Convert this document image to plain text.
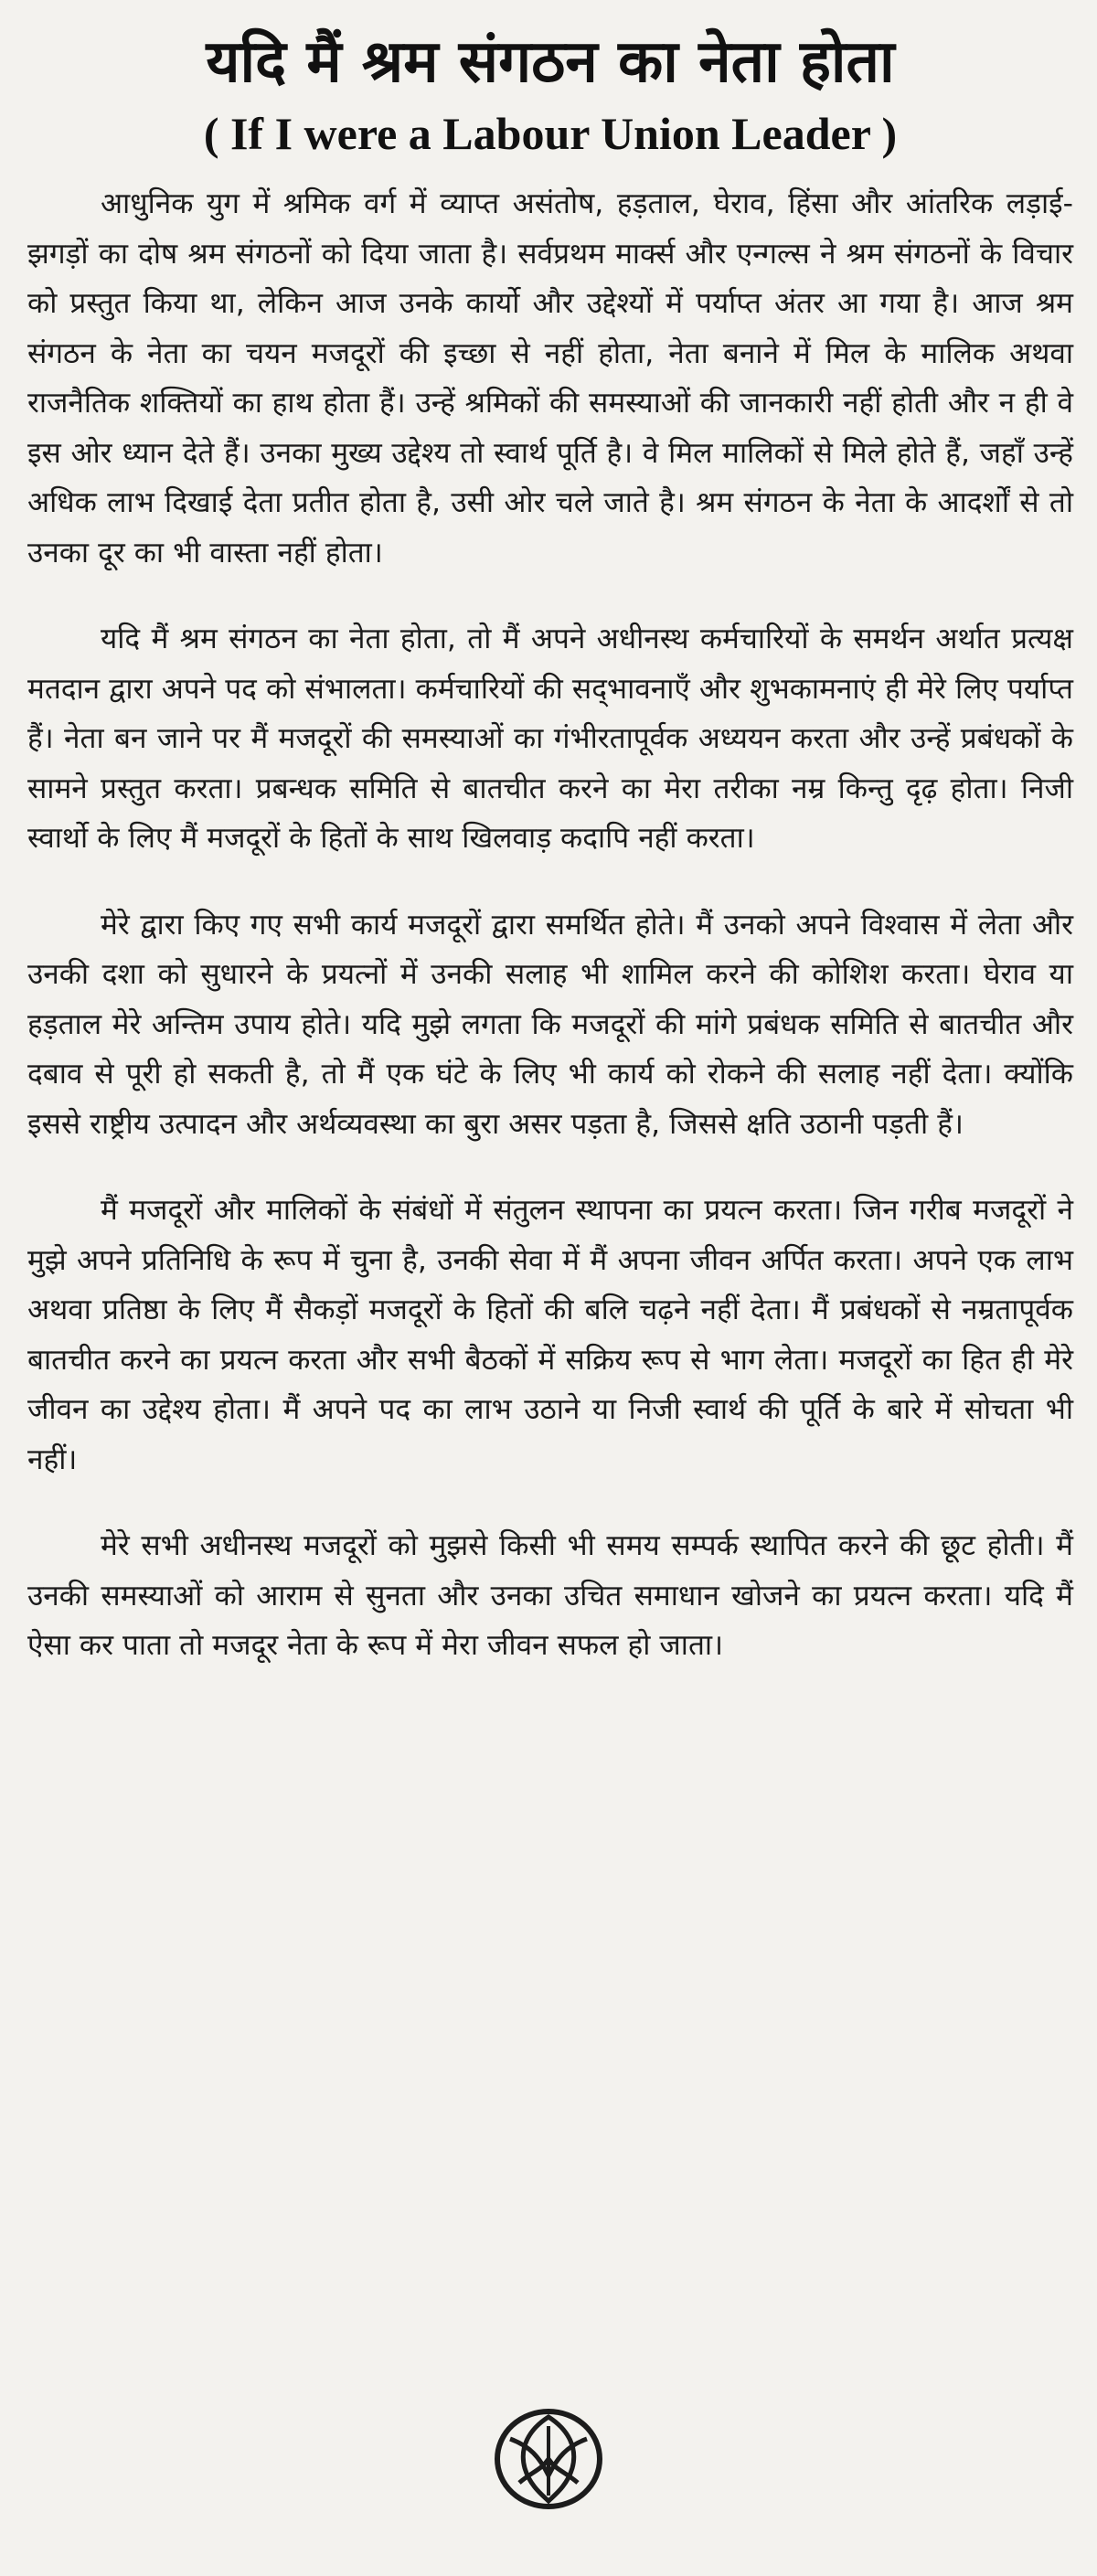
यदि मैं श्रम संगठन का नेता होता
( If I were a Labour Union Leader )

आधुनिक युग में श्रमिक वर्ग में व्याप्त असंतोष, हड़ताल, घेराव, हिंसा और आंतरिक लड़ाई-झगड़ों का दोष श्रम संगठनों को दिया जाता है। सर्वप्रथम मार्क्स और एन्गल्स ने श्रम संगठनों के विचार को प्रस्तुत किया था, लेकिन आज उनके कार्यो और उद्देश्यों में पर्याप्त अंतर आ गया है। आज श्रम संगठन के नेता का चयन मजदूरों की इच्छा से नहीं होता, नेता बनाने में मिल के मालिक अथवा राजनैतिक शक्तियों का हाथ होता हैं। उन्हें श्रमिकों की समस्याओं की जानकारी नहीं होती और न ही वे इस ओर ध्यान देते हैं। उनका मुख्य उद्देश्य तो स्वार्थ पूर्ति है। वे मिल मालिकों से मिले होते हैं, जहाँ उन्हें अधिक लाभ दिखाई देता प्रतीत होता है, उसी ओर चले जाते है। श्रम संगठन के नेता के आदर्शों से तो उनका दूर का भी वास्ता नहीं होता।

यदि मैं श्रम संगठन का नेता होता, तो मैं अपने अधीनस्थ कर्मचारियों के समर्थन अर्थात प्रत्यक्ष मतदान द्वारा अपने पद को संभालता। कर्मचारियों की सद्‌भावनाएँ और शुभकामनाएं ही मेरे लिए पर्याप्त हैं। नेता बन जाने पर मैं मजदूरों की समस्याओं का गंभीरतापूर्वक अध्ययन करता और उन्हें प्रबंधकों के सामने प्रस्तुत करता। प्रबन्धक समिति से बातचीत करने का मेरा तरीका नम्र किन्तु दृढ़ होता। निजी स्वार्थो के लिए मैं मजदूरों के हितों के साथ खिलवाड़ कदापि नहीं करता।

मेरे द्वारा किए गए सभी कार्य मजदूरों द्वारा समर्थित होते। मैं उनको अपने विश्वास में लेता और उनकी दशा को सुधारने के प्रयत्नों में उनकी सलाह भी शामिल करने की कोशिश करता। घेराव या हड़ताल मेरे अन्तिम उपाय होते। यदि मुझे लगता कि मजदूरों की मांगे प्रबंधक समिति से बातचीत और दबाव से पूरी हो सकती है, तो मैं एक घंटे के लिए भी कार्य को रोकने की सलाह नहीं देता। क्योंकि इससे राष्ट्रीय उत्पादन और अर्थव्यवस्था का बुरा असर पड़ता है, जिससे क्षति उठानी पड़ती हैं।

मैं मजदूरों और मालिकों के संबंधों में संतुलन स्थापना का प्रयत्न करता। जिन गरीब मजदूरों ने मुझे अपने प्रतिनिधि के रूप में चुना है, उनकी सेवा में मैं अपना जीवन अर्पित करता। अपने एक लाभ अथवा प्रतिष्ठा के लिए मैं सैकड़ों मजदूरों के हितों की बलि चढ़ने नहीं देता। मैं प्रबंधकों से नम्रतापूर्वक बातचीत करने का प्रयत्न करता और सभी बैठकों में सक्रिय रूप से भाग लेता। मजदूरों का हित ही मेरे जीवन का उद्देश्य होता। मैं अपने पद का लाभ उठाने या निजी स्वार्थ की पूर्ति के बारे में सोचता भी नहीं।

मेरे सभी अधीनस्थ मजदूरों को मुझसे किसी भी समय सम्पर्क स्थापित करने की छूट होती। मैं उनकी समस्याओं को आराम से सुनता और उनका उचित समाधान खोजने का प्रयत्न करता। यदि मैं ऐसा कर पाता तो मजदूर नेता के रूप में मेरा जीवन सफल हो जाता।
